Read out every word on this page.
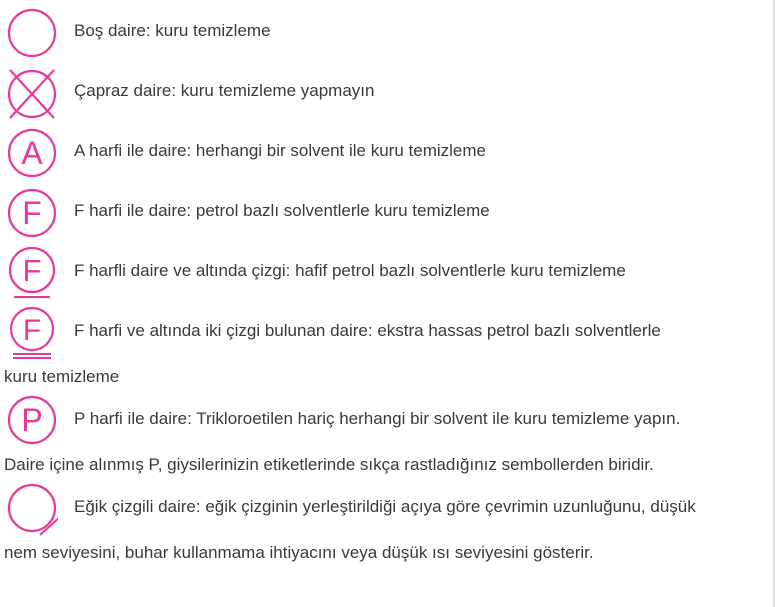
Boş daire: kuru temizleme
Çapraz daire: kuru temizleme yapmayın
A A harfi ile daire: herhangi bir solvent ile kuru temizleme
F F harfi ile daire: petrol bazlı solventlerle kuru temizleme
F F harfli daire ve altında çizgi: hafif petrol bazlı solventlerle kuru temizleme
F F harfi ve altında iki çizgi bulunan daire: ekstra hassas petrol bazlı solventlerle
kuru temizleme
P P harfi ile daire: Trikloroetilen hariç herhangi bir solvent ile kuru temizleme yapın.
Daire içine alınmış P, giysilerinizin etiketlerinde sıkça rastladığınız sembollerden biridir.
Eğik çizgili daire: eğik çizginin yerleştirildiği açıya göre çevrimin uzunluğunu, düşük
nem seviyesini, buhar kullanmama ihtiyacını veya düşük ısı seviyesini gösterir.
